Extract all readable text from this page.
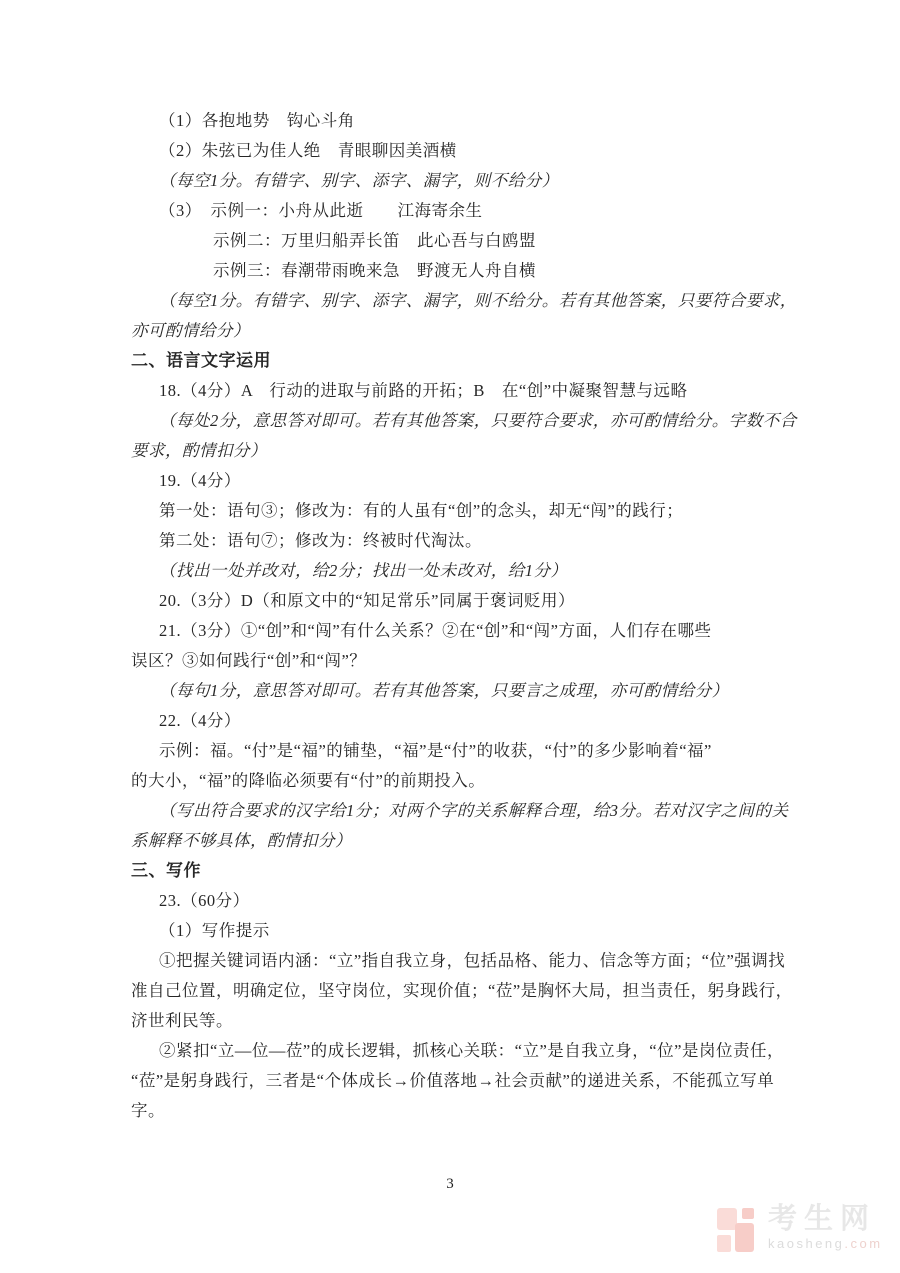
（1）各抱地势　钩心斗角
（2）朱弦已为佳人绝　青眼聊因美酒横
（每空1分。有错字、别字、添字、漏字，则不给分）
（3）　示例一：小舟从此逝　　江海寄余生
示例二：万里归船弄长笛　此心吾与白鸥盟
示例三：春潮带雨晚来急　野渡无人舟自横
（每空1分。有错字、别字、添字、漏字，则不给分。若有其他答案，只要符合要求，
亦可酌情给分）
二、语言文字运用
18.（4分）A　行动的进取与前路的开拓；B　在“创”中凝聚智慧与远略
（每处2分，意思答对即可。若有其他答案，只要符合要求，亦可酌情给分。字数不合
要求，酌情扣分）
19.（4分）
第一处：语句③；修改为：有的人虽有“创”的念头，却无“闯”的践行；
第二处：语句⑦；修改为：终被时代淘汰。
（找出一处并改对，给2分；找出一处未改对，给1分）
20.（3分）D（和原文中的“知足常乐”同属于褒词贬用）
21.（3分）①“创”和“闯”有什么关系？②在“创”和“闯”方面，人们存在哪些
误区？③如何践行“创”和“闯”？
（每句1分，意思答对即可。若有其他答案，只要言之成理，亦可酌情给分）
22.（4分）
示例：福。“付”是“福”的铺垫，“福”是“付”的收获，“付”的多少影响着“福”
的大小，“福”的降临必须要有“付”的前期投入。
（写出符合要求的汉字给1分；对两个字的关系解释合理，给3分。若对汉字之间的关
系解释不够具体，酌情扣分）
三、写作
23.（60分）
（1）写作提示
①把握关键词语内涵：“立”指自我立身，包括品格、能力、信念等方面；“位”强调找
准自己位置，明确定位，坚守岗位，实现价值；“莅”是胸怀大局，担当责任，躬身践行，
济世利民等。
②紧扣“立—位—莅”的成长逻辑，抓核心关联：“立”是自我立身，“位”是岗位责任，
“莅”是躬身践行，三者是“个体成长→价值落地→社会贡献”的递进关系，不能孤立写单
字。
3
考生网
kaosheng.com
